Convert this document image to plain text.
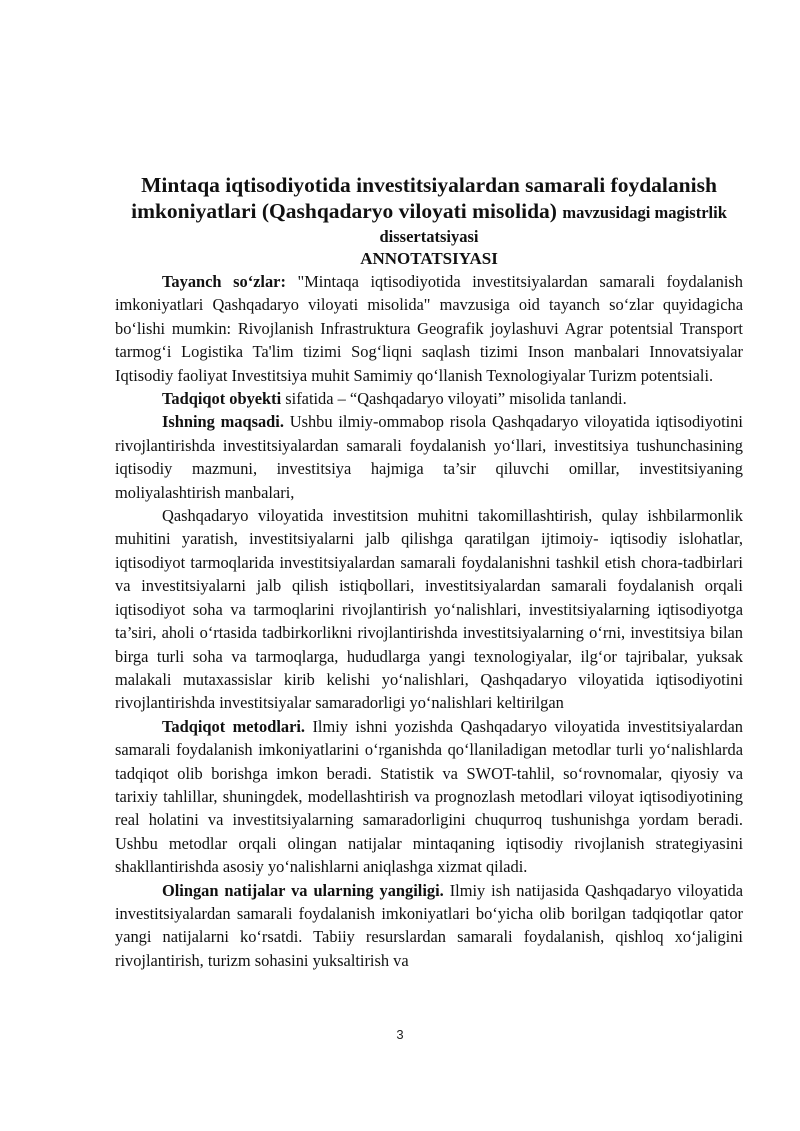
Mintaqa iqtisodiyotida investitsiyalardan samarali foydalanish imkoniyatlari (Qashqadaryo viloyati misolida) mavzusidagi magistrlik

dissertatsiyasi

ANNOTATSIYASI

Tayanch so‘zlar: "Mintaqa iqtisodiyotida investitsiyalardan samarali foydalanish imkoniyatlari Qashqadaryo viloyati misolida" mavzusiga oid tayanch so‘zlar quyidagicha bo‘lishi mumkin: Rivojlanish Infrastruktura Geografik joylashuvi Agrar potentsial Transport tarmog‘i Logistika Ta'lim tizimi Sog‘liqni saqlash tizimi Inson manbalari Innovatsiyalar Iqtisodiy faoliyat Investitsiya muhit Samimiy qo‘llanish Texnologiyalar Turizm potentsiali.

Tadqiqot obyekti sifatida – “Qashqadaryo viloyati” misolida tanlandi.

Ishning maqsadi. Ushbu ilmiy-ommabop risola Qashqadaryo viloyatida iqtisodiyotini rivojlantirishda investitsiyalardan samarali foydalanish yo‘llari, investitsiya tushunchasining iqtisodiy mazmuni, investitsiya hajmiga ta’sir qiluvchi omillar, investitsiyaning moliyalashtirish manbalari,

Qashqadaryo viloyatida investitsion muhitni takomillashtirish, qulay ishbilarmonlik muhitini yaratish, investitsiyalarni jalb qilishga qaratilgan ijtimoiy- iqtisodiy islohatlar, iqtisodiyot tarmoqlarida investitsiyalardan samarali foydalanishni tashkil etish chora-tadbirlari va investitsiyalarni jalb qilish istiqbollari, investitsiyalardan samarali foydalanish orqali iqtisodiyot soha va tarmoqlarini rivojlantirish yo‘nalishlari, investitsiyalarning iqtisodiyotga ta’siri, aholi o‘rtasida tadbirkorlikni rivojlantirishda investitsiyalarning o‘rni, investitsiya bilan birga turli soha va tarmoqlarga, hududlarga yangi texnologiyalar, ilg‘or tajribalar, yuksak malakali mutaxassislar kirib kelishi yo‘nalishlari, Qashqadaryo viloyatida iqtisodiyotini rivojlantirishda investitsiyalar samaradorligi yo‘nalishlari keltirilgan

Tadqiqot metodlari. Ilmiy ishni yozishda Qashqadaryo viloyatida investitsiyalardan samarali foydalanish imkoniyatlarini o‘rganishda qo‘llaniladigan metodlar turli yo‘nalishlarda tadqiqot olib borishga imkon beradi. Statistik va SWOT-tahlil, so‘rovnomalar, qiyosiy va tarixiy tahlillar, shuningdek, modellashtirish va prognozlash metodlari viloyat iqtisodiyotining real holatini va investitsiyalarning samaradorligini chuqurroq tushunishga yordam beradi. Ushbu metodlar orqali olingan natijalar mintaqaning iqtisodiy rivojlanish strategiyasini shakllantirishda asosiy yo‘nalishlarni aniqlashga xizmat qiladi.

Olingan natijalar va ularning yangiligi. Ilmiy ish natijasida Qashqadaryo viloyatida investitsiyalardan samarali foydalanish imkoniyatlari bo‘yicha olib borilgan tadqiqotlar qator yangi natijalarni ko‘rsatdi. Tabiiy resurslardan samarali foydalanish, qishloq xo‘jaligini rivojlantirish, turizm sohasini yuksaltirish va

3
